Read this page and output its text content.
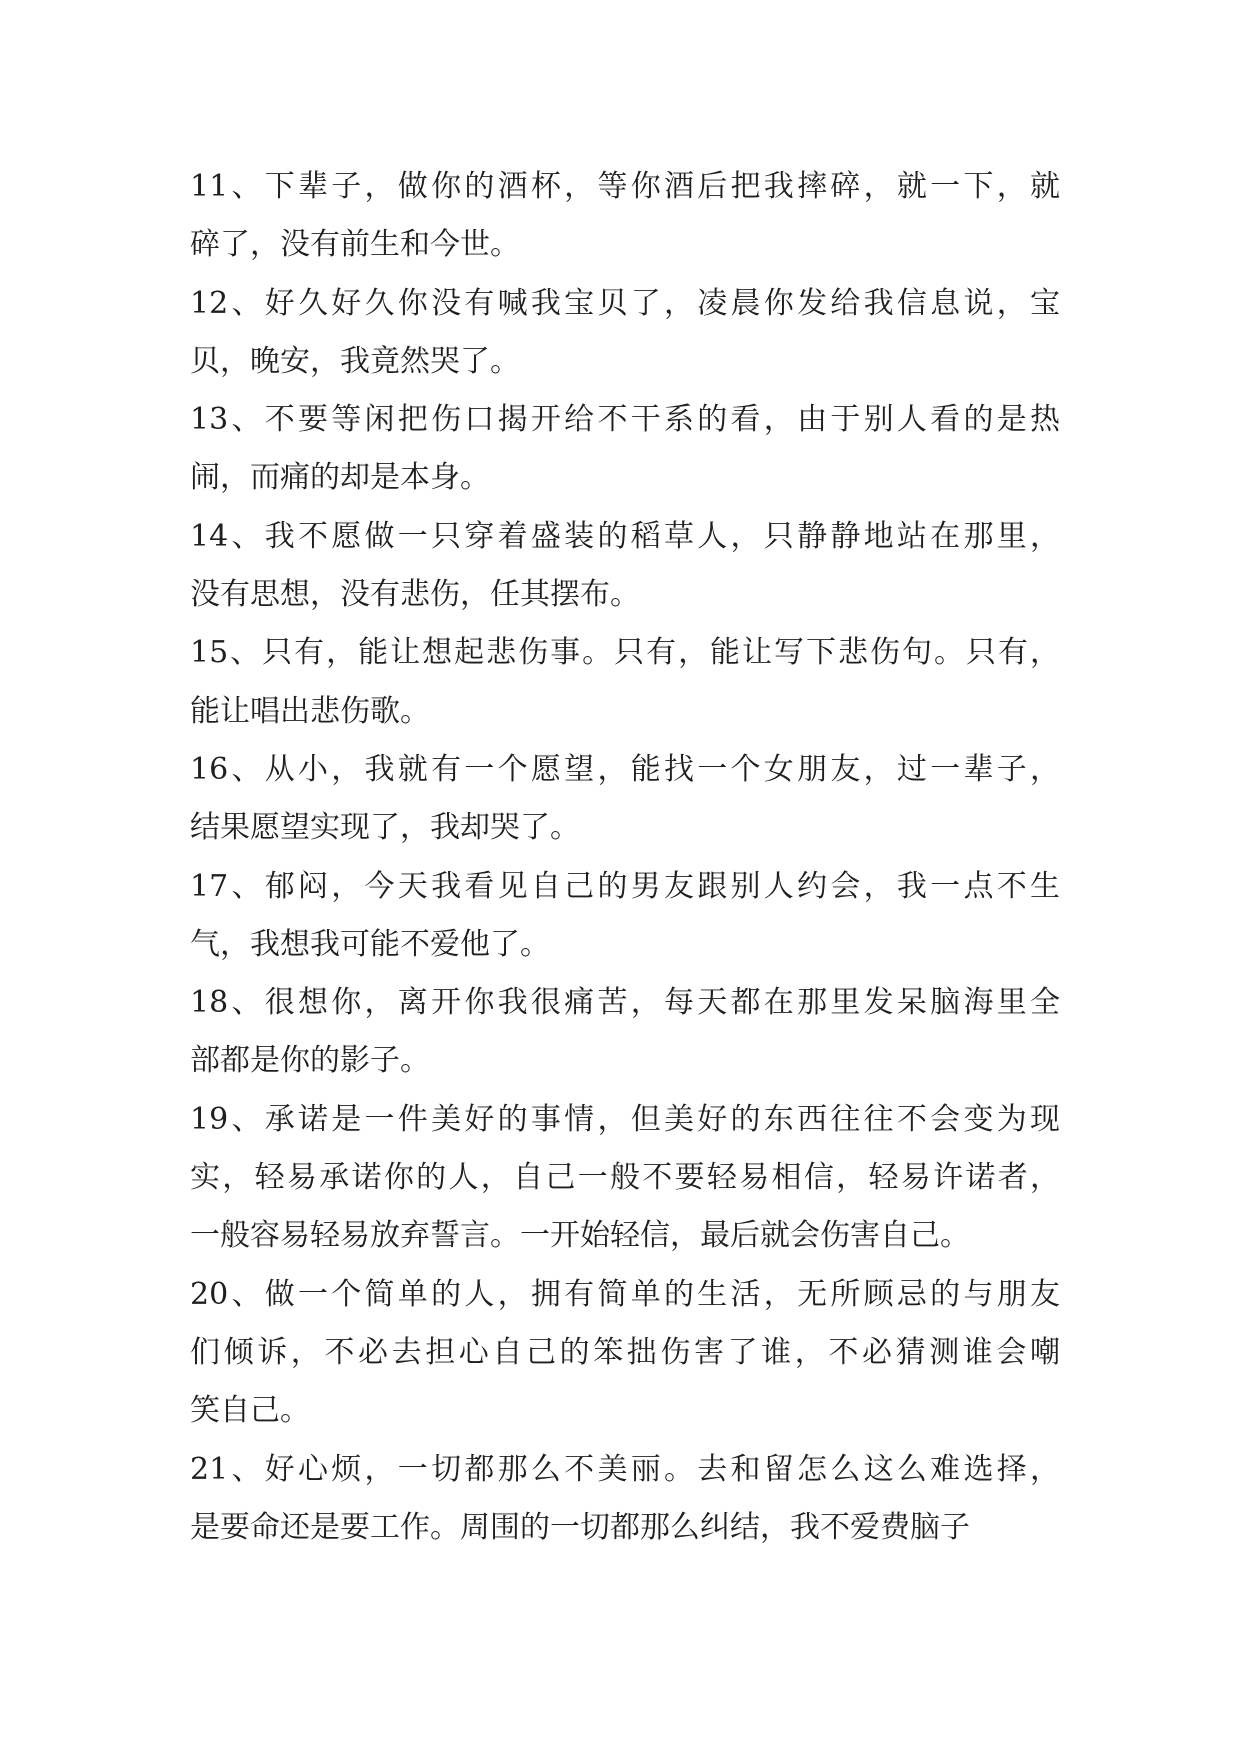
11、下辈子，做你的酒杯，等你酒后把我摔碎，就一下，就
碎了，没有前生和今世。
12、好久好久你没有喊我宝贝了，凌晨你发给我信息说，宝
贝，晚安，我竟然哭了。
13、不要等闲把伤口揭开给不干系的看，由于别人看的是热
闹，而痛的却是本身。
14、我不愿做一只穿着盛装的稻草人，只静静地站在那里，
没有思想，没有悲伤，任其摆布。
15、只有，能让想起悲伤事。只有，能让写下悲伤句。只有，
能让唱出悲伤歌。
16、从小，我就有一个愿望，能找一个女朋友，过一辈子，
结果愿望实现了，我却哭了。
17、郁闷，今天我看见自己的男友跟别人约会，我一点不生
气，我想我可能不爱他了。
18、很想你，离开你我很痛苦，每天都在那里发呆脑海里全
部都是你的影子。
19、承诺是一件美好的事情，但美好的东西往往不会变为现
实，轻易承诺你的人，自己一般不要轻易相信，轻易许诺者，
一般容易轻易放弃誓言。一开始轻信，最后就会伤害自己。
20、做一个简单的人，拥有简单的生活，无所顾忌的与朋友
们倾诉，不必去担心自己的笨拙伤害了谁，不必猜测谁会嘲
笑自己。
21、好心烦，一切都那么不美丽。去和留怎么这么难选择，
是要命还是要工作。周围的一切都那么纠结，我不爱费脑子
